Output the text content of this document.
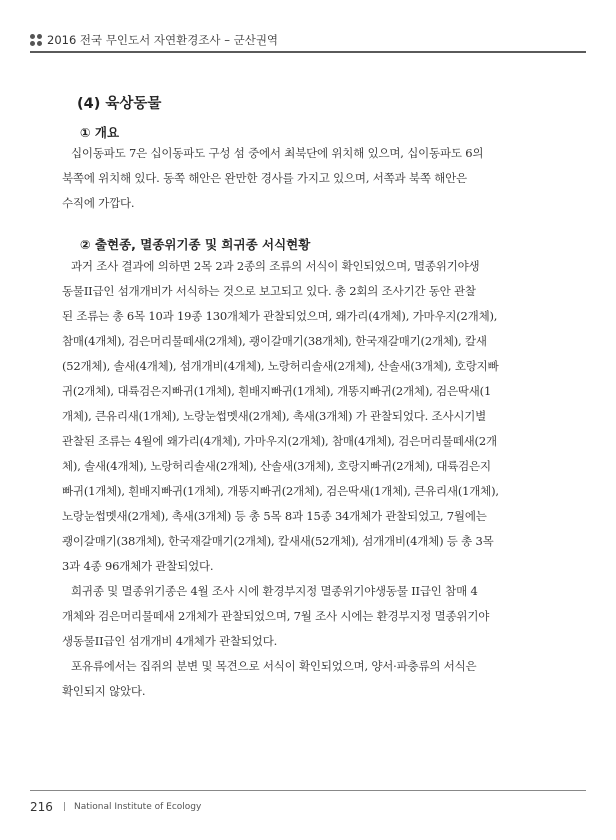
2016 전국 무인도서 자연환경조사 – 군산권역
(4) 육상동물
① 개요
십이동파도 7은 십이동파도 구성 섬 중에서 최북단에 위치해 있으며, 십이동파도 6의
북쪽에 위치해 있다. 동쪽 해안은 완만한 경사를 가지고 있으며, 서쪽과 북쪽 해안은
수직에 가깝다.
② 출현종, 멸종위기종 및 희귀종 서식현황
과거 조사 결과에 의하면 2목 2과 2종의 조류의 서식이 확인되었으며, 멸종위기야생
동물II급인 섬개개비가 서식하는 것으로 보고되고 있다. 총 2회의 조사기간 동안 관찰
된 조류는 총 6목 10과 19종 130개체가 관찰되었으며, 왜가리(4개체), 가마우지(2개체),
참매(4개체), 검은머리물떼새(2개체), 괭이갈매기(38개체), 한국재갈매기(2개체), 칼새
(52개체), 솔새(4개체), 섬개개비(4개체), 노랑허리솔새(2개체), 산솔새(3개체), 호랑지빠
귀(2개체), 대륙검은지빠귀(1개체), 흰배지빠귀(1개체), 개똥지빠귀(2개체), 검은딱새(1
개체), 큰유리새(1개체), 노랑눈썹멧새(2개체), 촉새(3개체) 가 관찰되었다. 조사시기별
관찰된 조류는 4월에 왜가리(4개체), 가마우지(2개체), 참매(4개체), 검은머리물떼새(2개
체), 솔새(4개체), 노랑허리솔새(2개체), 산솔새(3개체), 호랑지빠귀(2개체), 대륙검은지
빠귀(1개체), 흰배지빠귀(1개체), 개똥지빠귀(2개체), 검은딱새(1개체), 큰유리새(1개체),
노랑눈썹멧새(2개체), 촉새(3개체) 등 총 5목 8과 15종 34개체가 관찰되었고, 7월에는
괭이갈매기(38개체), 한국재갈매기(2개체), 칼새새(52개체), 섬개개비(4개체) 등 총 3목
3과 4종 96개체가 관찰되었다.
희귀종 및 멸종위기종은 4월 조사 시에 환경부지정 멸종위기야생동물 II급인 참매 4
개체와 검은머리물떼새 2개체가 관찰되었으며, 7월 조사 시에는 환경부지정 멸종위기야
생동물II급인 섬개개비 4개체가 관찰되었다.
포유류에서는 집쥐의 분변 및 목견으로 서식이 확인되었으며, 양서·파충류의 서식은
확인되지 않았다.
216 | National Institute of Ecology
